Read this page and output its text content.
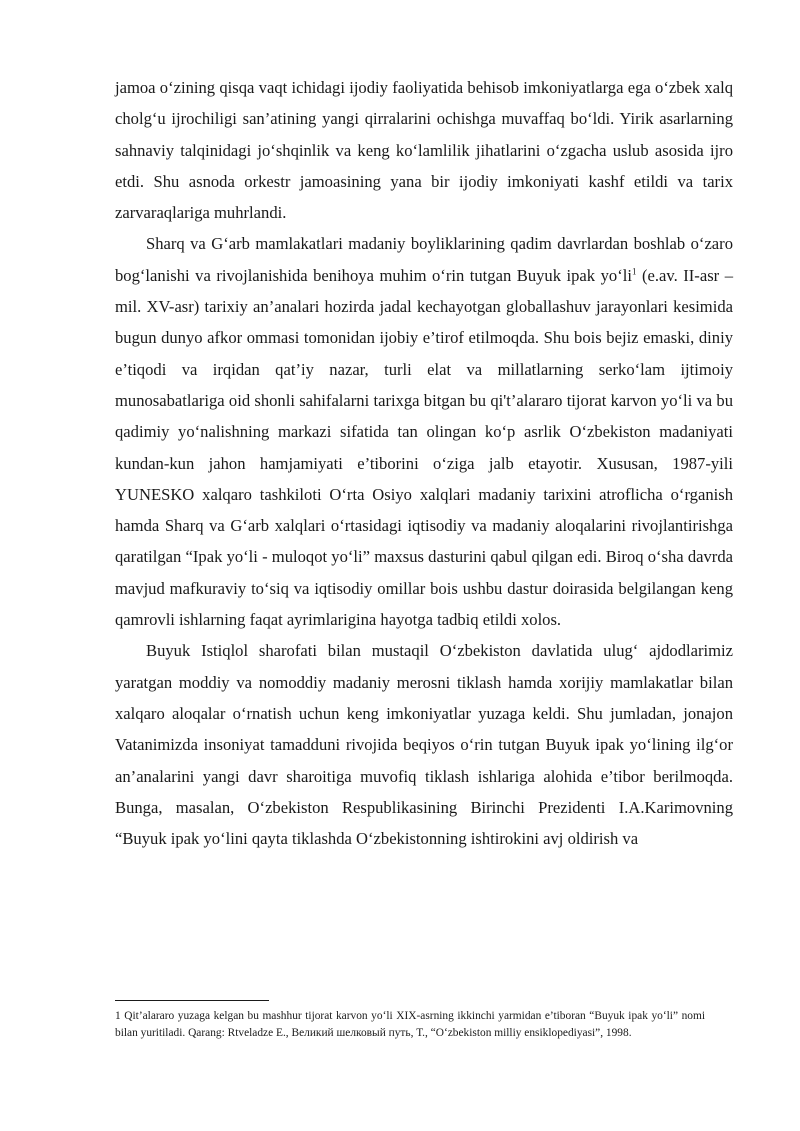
jamoa o‘zining qisqa vaqt ichidagi ijodiy faoliyatida behisob imkoniyatlarga ega o‘zbek xalq cholg‘u ijrochiligi san’atining yangi qirralarini ochishga muvaffaq bo‘ldi. Yirik asarlarning sahnaviy talqinidagi jo‘shqinlik va keng ko‘lamlilik jihatlarini o‘zgacha uslub asosida ijro etdi. Shu asnoda orkestr jamoasining yana bir ijodiy imkoniyati kashf etildi va tarix zarvaraqlariga muhrlandi.

Sharq va G‘arb mamlakatlari madaniy boyliklarining qadim davrlardan boshlab o‘zaro bog‘lanishi va rivojlanishida benihoya muhim o‘rin tutgan Buyuk ipak $yo‘li^1$ (e.av. II-asr – mil. XV-asr) tarixiy an’analari hozirda jadal kechayotgan globallashuv jarayonlari kesimida bugun dunyo afkor ommasi tomonidan ijobiy e’tirof etilmoqda. Shu bois bejiz emaski, diniy e’tiqodi va irqidan qat’iy nazar, turli elat va millatlarning serko‘lam ijtimoiy munosabatlariga oid shonli sahifalarni tarixga bitgan bu qi't’alararo tijorat karvon yo‘li va bu qadimiy yo‘nalishning markazi sifatida tan olingan ko‘p asrlik O‘zbekiston madaniyati kundan-kun jahon hamjamiyati e’tiborini o‘ziga jalb etayotir. Xususan, 1987-yili YUNESKO xalqaro tashkiloti O‘rta Osiyo xalqlari madaniy tarixini atroflicha o‘rganish hamda Sharq va G‘arb xalqlari o‘rtasidagi iqtisodiy va madaniy aloqalarini rivojlantirishga qaratilgan “Ipak yo‘li - muloqot yo‘li” maxsus dasturini qabul qilgan edi. Biroq o‘sha davrda mavjud mafkuraviy to‘siq va iqtisodiy omillar bois ushbu dastur doirasida belgilangan keng qamrovli ishlarning faqat ayrimlarigina hayotga tadbiq etildi xolos.

Buyuk Istiqlol sharofati bilan mustaqil O‘zbekiston davlatida ulug‘ ajdodlarimiz yaratgan moddiy va nomoddiy madaniy merosni tiklash hamda xorijiy mamlakatlar bilan xalqaro aloqalar o‘rnatish uchun keng imkoniyatlar yuzaga keldi. Shu jumladan, jonajon Vatanimizda insoniyat tamadduni rivojida beqiyos o‘rin tutgan Buyuk ipak yo‘lining ilg‘or an’analarini yangi davr sharoitiga muvofiq tiklash ishlariga alohida e’tibor berilmoqda. Bunga, masalan, O‘zbekiston Respublikasining Birinchi Prezidenti I.A.Karimovning “Buyuk ipak yo‘lini qayta tiklashda O‘zbekistonning ishtirokini avj oldirish va

1 Qit’alararo yuzaga kelgan bu mashhur tijorat karvon yo‘li XIX-asrning ikkinchi yarmidan e’tiboran “Buyuk ipak yo‘li” nomi bilan yuritiladi. Qarang: Rtveladze E., Великий шелковый путь, Т., “O‘zbekiston milliy ensiklopediyasi”, 1998.
